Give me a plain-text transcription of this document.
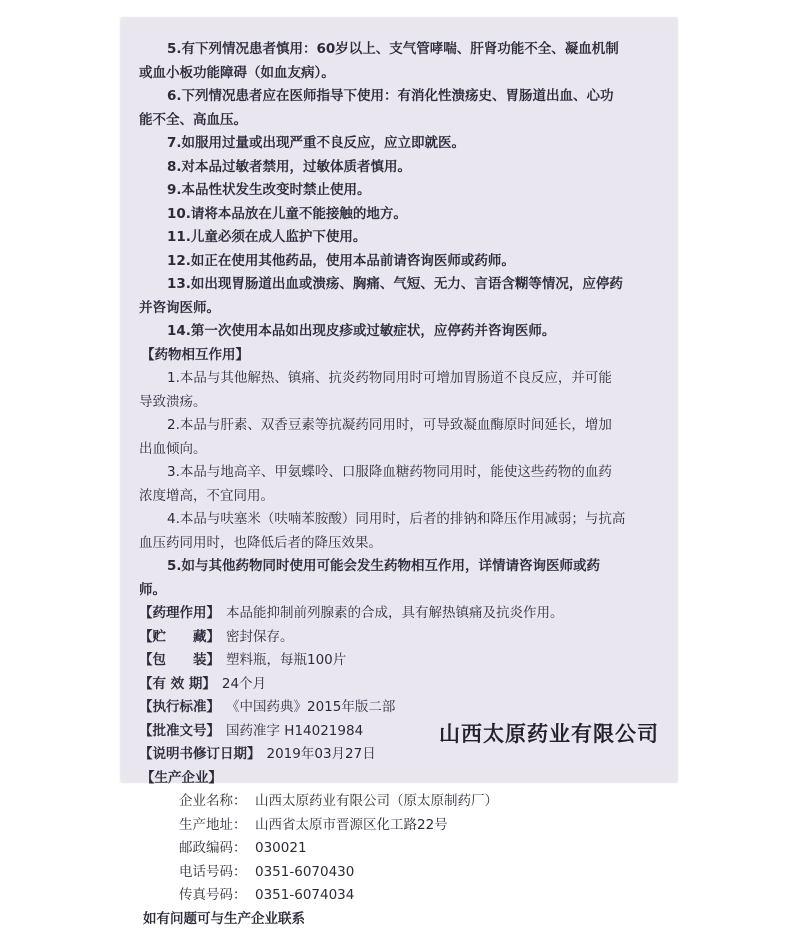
5.有下列情况患者慎用：60岁以上、支气管哮喘、肝肾功能不全、凝血机制
或血小板功能障碍（如血友病）。
6.下列情况患者应在医师指导下使用：有消化性溃疡史、胃肠道出血、心功
能不全、高血压。
7.如服用过量或出现严重不良反应，应立即就医。
8.对本品过敏者禁用，过敏体质者慎用。
9.本品性状发生改变时禁止使用。
10.请将本品放在儿童不能接触的地方。
11.儿童必须在成人监护下使用。
12.如正在使用其他药品，使用本品前请咨询医师或药师。
13.如出现胃肠道出血或溃疡、胸痛、气短、无力、言语含糊等情况，应停药
并咨询医师。
14.第一次使用本品如出现皮疹或过敏症状，应停药并咨询医师。
【药物相互作用】
1.本品与其他解热、镇痛、抗炎药物同用时可增加胃肠道不良反应，并可能
导致溃疡。
2.本品与肝素、双香豆素等抗凝药同用时，可导致凝血酶原时间延长，增加
出血倾向。
3.本品与地高辛、甲氨蝶呤、口服降血糖药物同用时，能使这些药物的血药
浓度增高，不宜同用。
4.本品与呋塞米（呋喃苯胺酸）同用时，后者的排钠和降压作用减弱；与抗高
血压药同用时，也降低后者的降压效果。
5.如与其他药物同时使用可能会发生药物相互作用，详情请咨询医师或药
师。
【药理作用】 本品能抑制前列腺素的合成，具有解热镇痛及抗炎作用。
【贮　　藏】 密封保存。
【包　　装】 塑料瓶，每瓶100片
【有 效 期】 24个月
【执行标准】 《中国药典》2015年版二部
【批准文号】 国药准字 H14021984
【说明书修订日期】 2019年03月27日
【生产企业】
企业名称： 山西太原药业有限公司（原太原制药厂）
生产地址： 山西省太原市晋源区化工路22号
邮政编码： 030021
电话号码： 0351-6070430
传真号码： 0351-6074034
如有问题可与生产企业联系
山西太原药业有限公司
